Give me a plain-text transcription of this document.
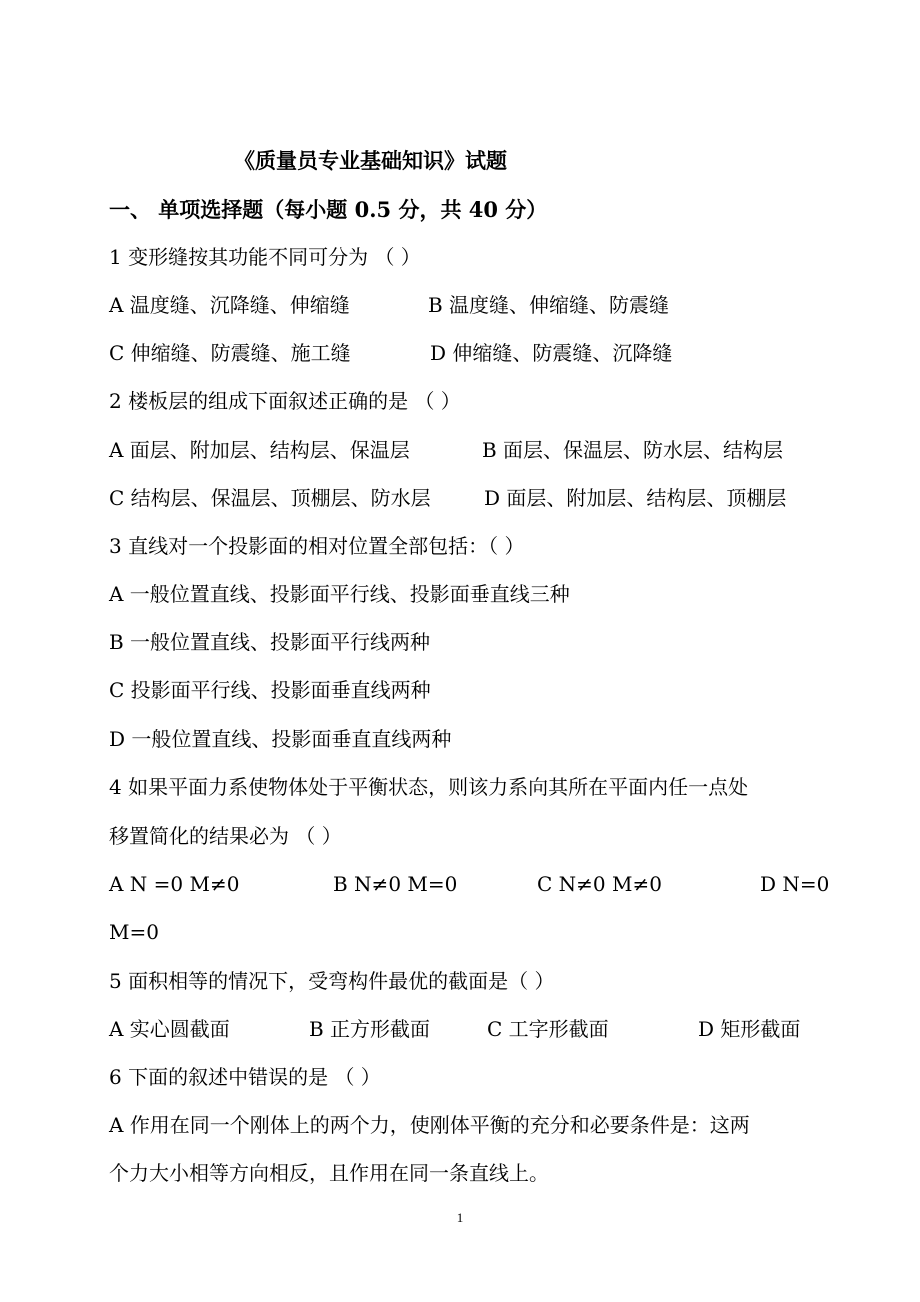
《质量员专业基础知识》试题
一、 单项选择题（每小题 0.5 分，共 40 分）
1 变形缝按其功能不同可分为 （ ）
A 温度缝、沉降缝、伸缩缝	B 温度缝、伸缩缝、防震缝
C 伸缩缝、防震缝、施工缝	D 伸缩缝、防震缝、沉降缝
2 楼板层的组成下面叙述正确的是 （ ）
A 面层、附加层、结构层、保温层	B 面层、保温层、防水层、结构层
C 结构层、保温层、顶棚层、防水层	D 面层、附加层、结构层、顶棚层
3 直线对一个投影面的相对位置全部包括：（ ）
A 一般位置直线、投影面平行线、投影面垂直线三种
B 一般位置直线、投影面平行线两种
C 投影面平行线、投影面垂直线两种
D 一般位置直线、投影面垂直直线两种
4 如果平面力系使物体处于平衡状态，则该力系向其所在平面内任一点处
移置简化的结果必为 （ ）
A N =0 M≠0	B N≠0 M=0	C N≠0 M≠0	D N=0
M=0
5 面积相等的情况下，受弯构件最优的截面是（ ）
A 实心圆截面	B 正方形截面	C 工字形截面	D 矩形截面
6 下面的叙述中错误的是 （ ）
A 作用在同一个刚体上的两个力，使刚体平衡的充分和必要条件是：这两
个力大小相等方向相反，且作用在同一条直线上。
1
